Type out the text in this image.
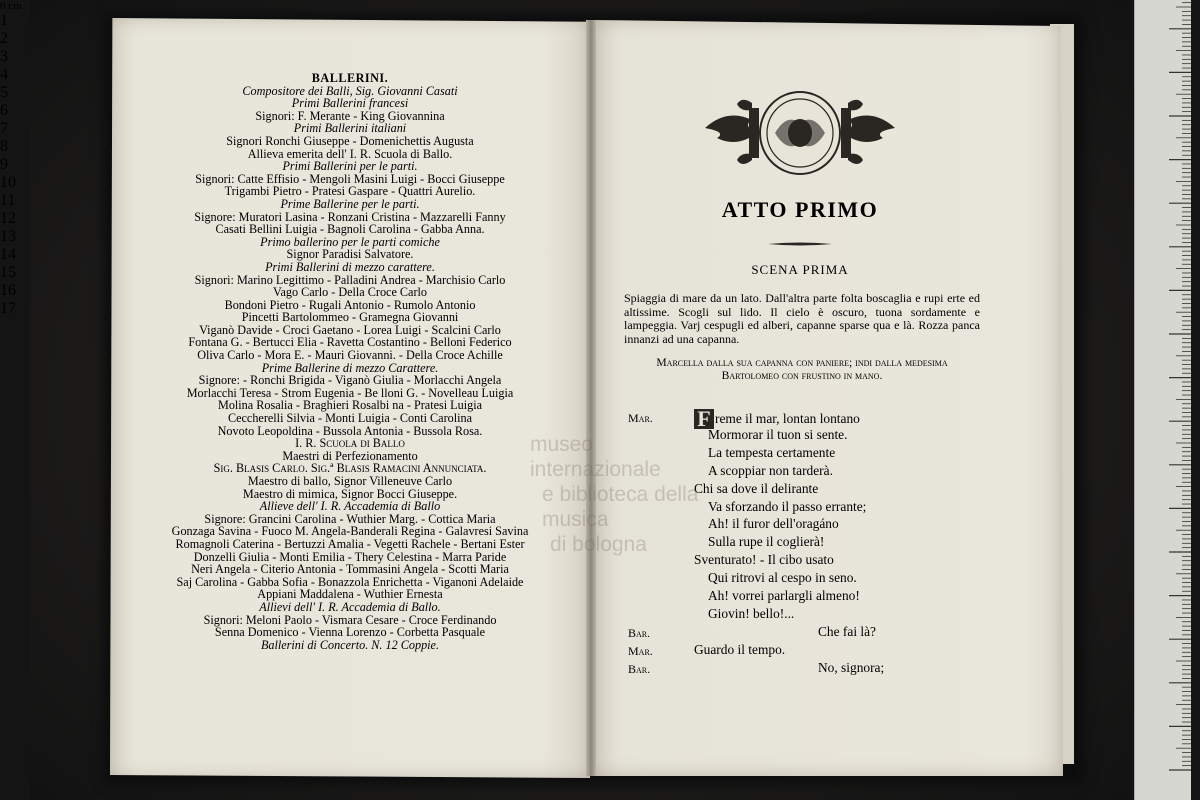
BALLERINI.
Compositore dei Balli, Sig. Giovanni Casati
Primi Ballerini francesi
Signori: F. Merante - King Giovannina
Primi Ballerini italiani
Signori Ronchi Giuseppe - Domenichettis Augusta
Allieva emerita dell' I. R. Scuola di Ballo.
Primi Ballerini per le parti.
Signori: Catte Effisio - Mengoli Masini Luigi - Bocci Giuseppe
Trigambi Pietro - Pratesi Gaspare - Quattri Aurelio.
Prime Ballerine per le parti.
Signore: Muratori Lasina - Ronzani Cristina - Mazzarelli Fanny
Casati Bellini Luigia - Bagnoli Carolina - Gabba Anna.
Primo ballerino per le parti comiche
Signor Paradisi Salvatore.
Primi Ballerini di mezzo carattere.
Signori: Marino Legittimo - Palladini Andrea - Marchisio Carlo
Vago Carlo - Della Croce Carlo
Bondoni Pietro - Rugali Antonio - Rumolo Antonio
Pincetti Bartolommeo - Gramegna Giovanni
Viganò Davide - Croci Gaetano - Lorea Luigi - Scalcini Carlo
Fontana G. - Bertucci Elia - Ravetta Costantino - Belloni Federico
Oliva Carlo - Mora E. - Mauri Giovanni. - Della Croce Achille
Prime Ballerine di mezzo Carattere.
Signore: - Ronchi Brigida - Viganò Giulia - Morlacchi Angela
Morlacchi Teresa - Strom Eugenia - Be lloni G. - Novelleau Luigia
Molina Rosalia - Braghieri Rosalbi na - Pratesi Luigia
Ceccherelli Silvia - Monti Luigia - Conti Carolina
Novoto Leopoldina - Bussola Antonia - Bussola Rosa.
I. R. Scuola di Ballo
Maestri di Perfezionamento
Sig. Blasis Carlo. Sig.ª Blasis Ramacini Annunciata.
Maestro di ballo, Signor Villeneuve Carlo
Maestro di mimica, Signor Bocci Giuseppe.
Allieve dell' I. R. Accademia di Ballo
Signore: Grancini Carolina - Wuthier Marg. - Cottica Maria
Gonzaga Savina - Fuoco M. Angela-Banderali Regina - Galavresi Savina
Romagnoli Caterina - Bertuzzi Amalia - Vegetti Rachele - Bertani Ester
Donzelli Giulia - Monti Emilia - Thery Celestina - Marra Paride
Neri Angela - Citerio Antonia - Tommasini Angela - Scotti Maria
Saj Carolina - Gabba Sofia - Bonazzola Enrichetta - Viganoni Adelaide
Appiani Maddalena - Wuthier Ernesta
Allievi dell' I. R. Accademia di Ballo.
Signori: Meloni Paolo - Vismara Cesare - Croce Ferdinando
Senna Domenico - Vienna Lorenzo - Corbetta Pasquale
Ballerini di Concerto. N. 12 Coppie.
ATTO PRIMO
SCENA PRIMA
Spiaggia di mare da un lato. Dall'altra parte folta boscaglia e rupi erte ed altissime. Scogli sul lido. Il cielo è oscuro, tuona sordamente e lampeggia. Varj cespugli ed alberi, capanne sparse qua e là. Rozza panca innanzi ad una capanna.
Marcella dalla sua capanna con paniere; indi dalla medesima
Bartolomeo con frustino in mano.
Mar. F reme il mar, lontan lontano
Mormorar il tuon si sente.
La tempesta certamente
A scoppiar non tarderà.
Chi sa dove il delirante
Va sforzando il passo errante;
Ah! il furor dell'oragáno
Sulla rupe il coglierà!
Sventurato! - Il cibo usato
Qui ritrovi al cespo in seno.
Ah! vorrei parlargli almeno!
Giovin! bello!...
Bar.	Che fai là?
Mar.	Guardo il tempo.
Bar.	No, signora;
museo internazionale
e biblioteca della musica
di bologna
0 cm
1
2
3
4
5
6
7
8
9
10
11
12
13
14
15
16
17
